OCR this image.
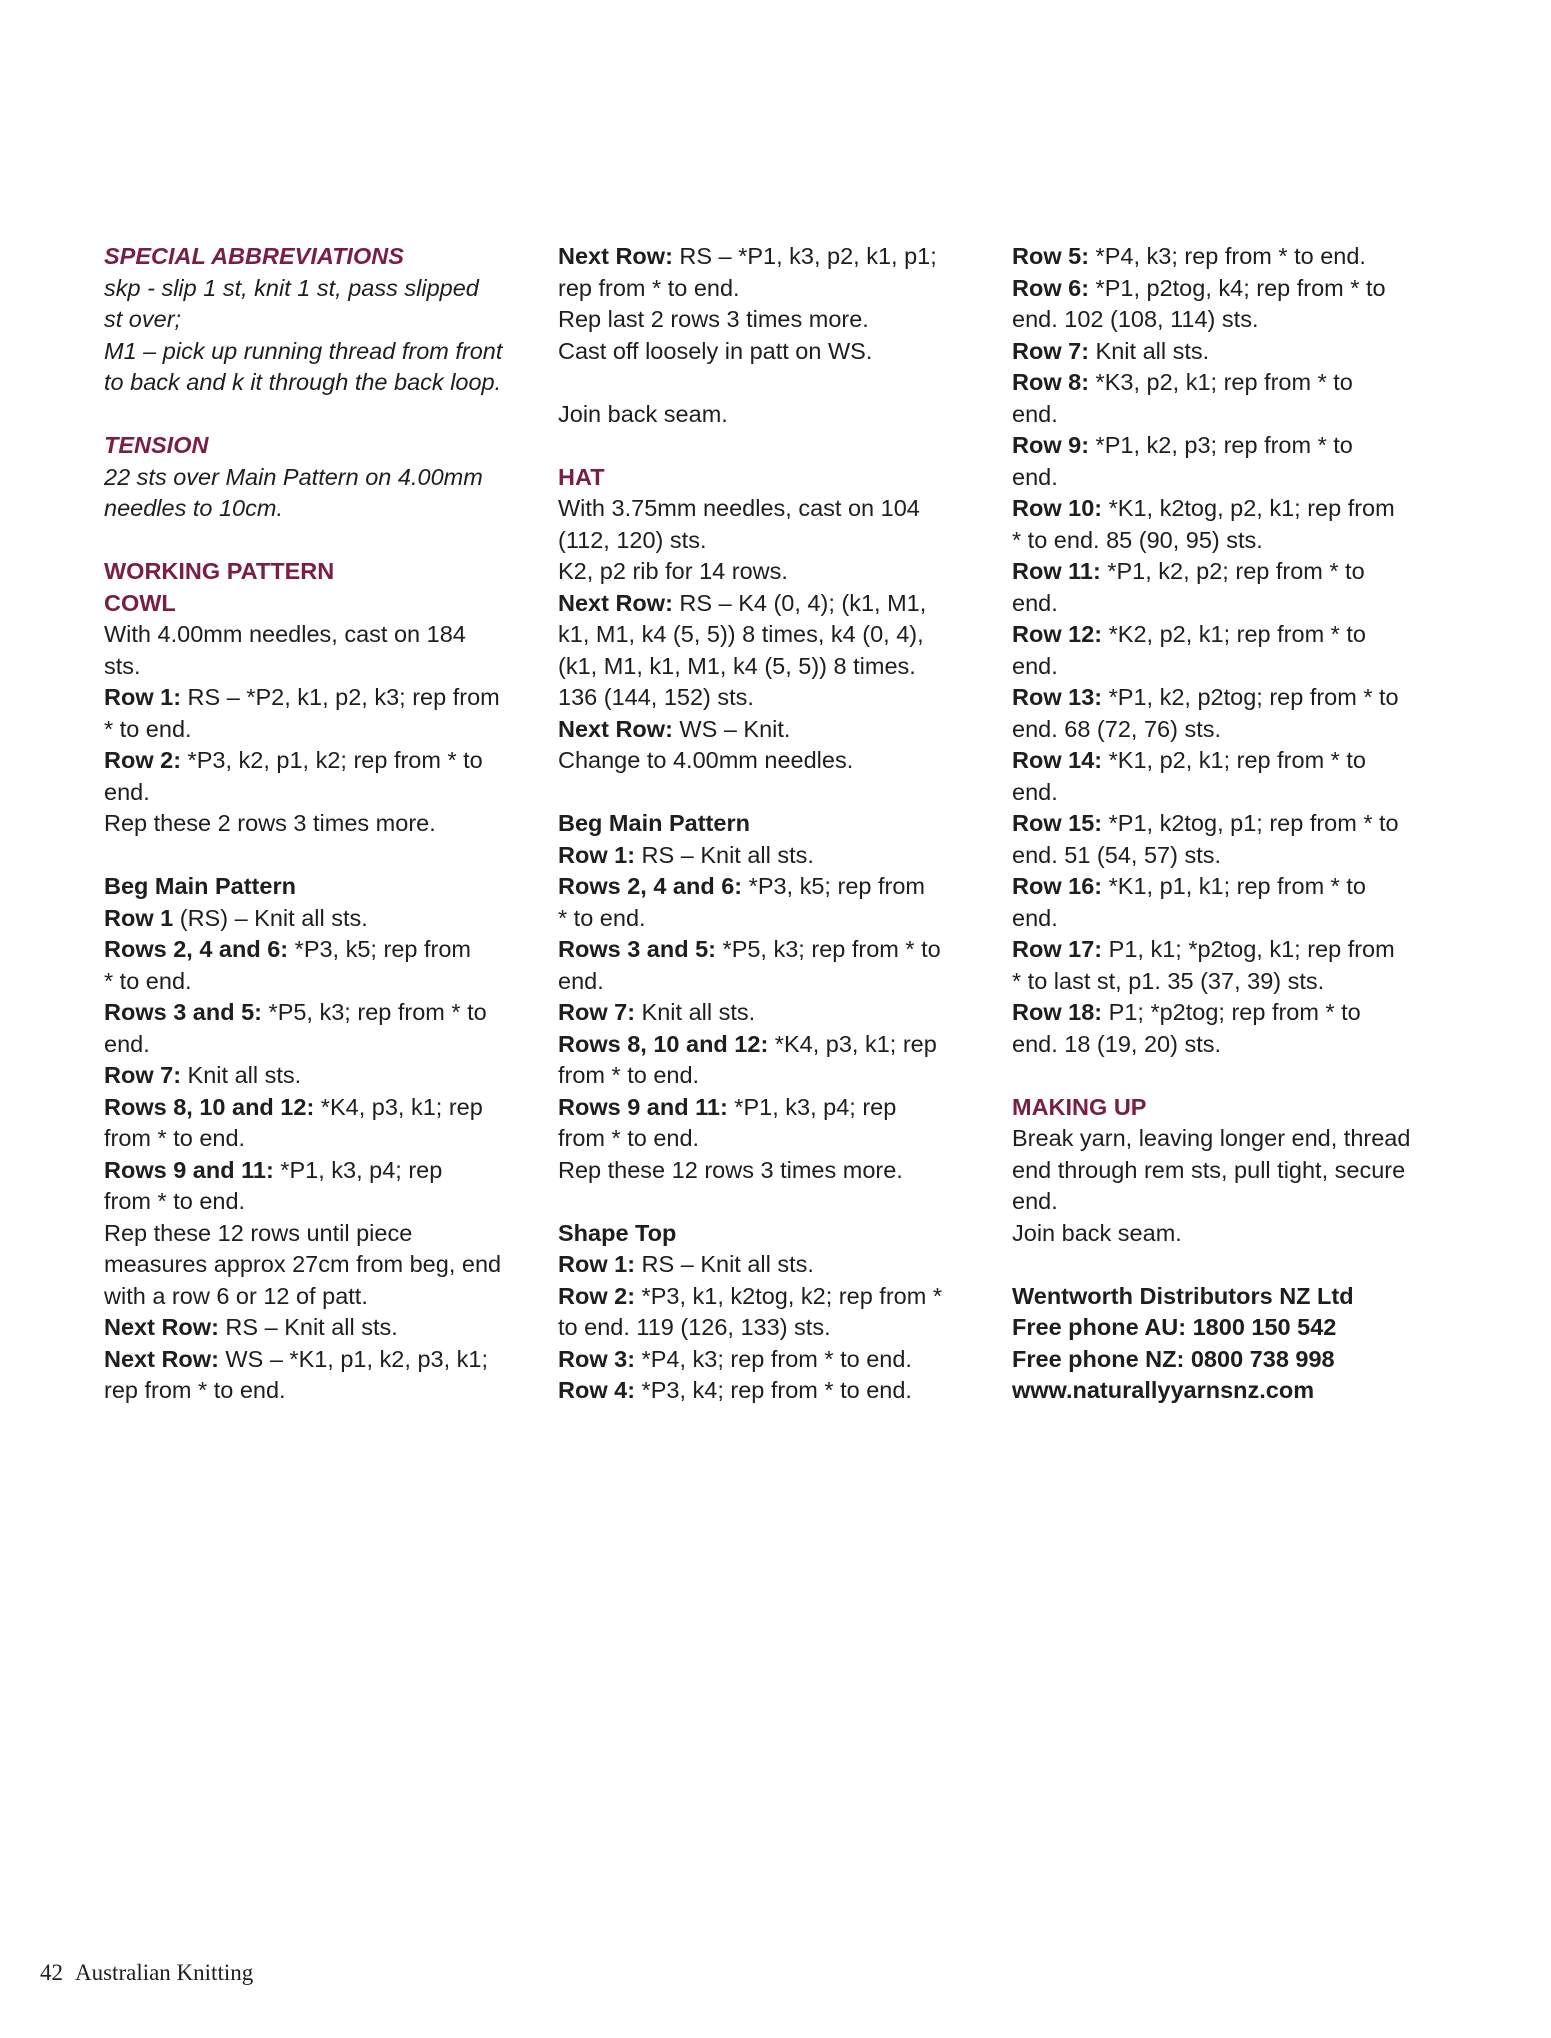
SPECIAL ABBREVIATIONS
skp - slip 1 st, knit 1 st, pass slipped
st over;
M1 – pick up running thread from front
to back and k it through the back loop.
TENSION
22 sts over Main Pattern on 4.00mm
needles to 10cm.
WORKING PATTERN
COWL
With 4.00mm needles, cast on 184
sts.
Row 1: RS – *P2, k1, p2, k3; rep from
* to end.
Row 2: *P3, k2, p1, k2; rep from * to
end.
Rep these 2 rows 3 times more.
Beg Main Pattern
Row 1 (RS) – Knit all sts.
Rows 2, 4 and 6: *P3, k5; rep from
* to end.
Rows 3 and 5: *P5, k3; rep from * to
end.
Row 7: Knit all sts.
Rows 8, 10 and 12: *K4, p3, k1; rep
from * to end.
Rows 9 and 11: *P1, k3, p4; rep
from * to end.
Rep these 12 rows until piece
measures approx 27cm from beg, end
with a row 6 or 12 of patt.
Next Row: RS – Knit all sts.
Next Row: WS – *K1, p1, k2, p3, k1;
rep from * to end.
Next Row: RS – *P1, k3, p2, k1, p1;
rep from * to end.
Rep last 2 rows 3 times more.
Cast off loosely in patt on WS.
Join back seam.
HAT
With 3.75mm needles, cast on 104
(112, 120) sts.
K2, p2 rib for 14 rows.
Next Row: RS – K4 (0, 4); (k1, M1,
k1, M1, k4 (5, 5)) 8 times, k4 (0, 4),
(k1, M1, k1, M1, k4 (5, 5)) 8 times.
136 (144, 152) sts.
Next Row: WS – Knit.
Change to 4.00mm needles.
Beg Main Pattern
Row 1: RS – Knit all sts.
Rows 2, 4 and 6: *P3, k5; rep from
* to end.
Rows 3 and 5: *P5, k3; rep from * to
end.
Row 7: Knit all sts.
Rows 8, 10 and 12: *K4, p3, k1; rep
from * to end.
Rows 9 and 11: *P1, k3, p4; rep
from * to end.
Rep these 12 rows 3 times more.
Shape Top
Row 1: RS – Knit all sts.
Row 2: *P3, k1, k2tog, k2; rep from *
to end. 119 (126, 133) sts.
Row 3: *P4, k3; rep from * to end.
Row 4: *P3, k4; rep from * to end.
Row 5: *P4, k3; rep from * to end.
Row 6: *P1, p2tog, k4; rep from * to
end. 102 (108, 114) sts.
Row 7: Knit all sts.
Row 8: *K3, p2, k1; rep from * to
end.
Row 9: *P1, k2, p3; rep from * to
end.
Row 10: *K1, k2tog, p2, k1; rep from
* to end. 85 (90, 95) sts.
Row 11: *P1, k2, p2; rep from * to
end.
Row 12: *K2, p2, k1; rep from * to
end.
Row 13: *P1, k2, p2tog; rep from * to
end. 68 (72, 76) sts.
Row 14: *K1, p2, k1; rep from * to
end.
Row 15: *P1, k2tog, p1; rep from * to
end. 51 (54, 57) sts.
Row 16: *K1, p1, k1; rep from * to
end.
Row 17: P1, k1; *p2tog, k1; rep from
* to last st, p1. 35 (37, 39) sts.
Row 18: P1; *p2tog; rep from * to
end. 18 (19, 20) sts.
MAKING UP
Break yarn, leaving longer end, thread
end through rem sts, pull tight, secure
end.
Join back seam.
Wentworth Distributors NZ Ltd
Free phone AU: 1800 150 542
Free phone NZ: 0800 738 998
www.naturallyyarnsnz.com
42 Australian Knitting
